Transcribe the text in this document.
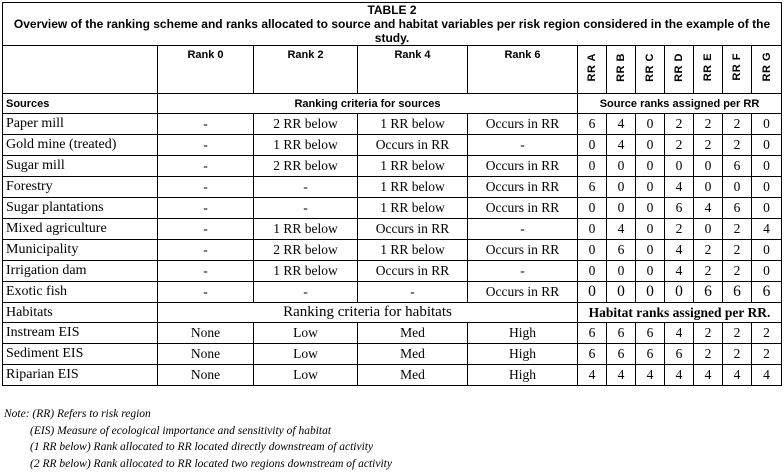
TABLE 2
Overview of the ranking scheme and ranks allocated to source and habitat variables per risk region considered in the example of the study.											

	Rank 0	Rank 2	Rank 4	Rank 6	RR A	RR B	RR C	RR D	RR E	RR F	RR G
Sources	Ranking criteria for sources				Source ranks assigned per RR						
Paper mill	-	2 RR below	1 RR below	Occurs in RR	6	4	0	2	2	2	0
Gold mine (treated)	-	1 RR below	Occurs in RR	-	0	4	0	2	2	2	0
Sugar mill	-	2 RR below	1 RR below	Occurs in RR	0	0	0	0	0	6	0
Forestry	-	-	1 RR below	Occurs in RR	6	0	0	4	0	0	0
Sugar plantations	-	-	1 RR below	Occurs in RR	0	0	0	6	4	6	0
Mixed agriculture	-	1 RR below	Occurs in RR	-	0	4	0	2	0	2	4
Municipality	-	2 RR below	1 RR below	Occurs in RR	0	6	0	4	2	2	0
Irrigation dam	-	1 RR below	Occurs in RR	-	0	0	0	4	2	2	0
Exotic fish	-	-	-	Occurs in RR	0	0	0	0	6	6	6
Habitats	Ranking criteria for habitats				Habitat ranks assigned per RR.						
Instream EIS	None	Low	Med	High	6	6	6	4	2	2	2
Sediment EIS	None	Low	Med	High	6	6	6	6	2	2	2
Riparian EIS	None	Low	Med	High	4	4	4	4	4	4	4
Note: (RR) Refers to risk region
(EIS) Measure of ecological importance and sensitivity of habitat
(1 RR below) Rank allocated to RR located directly downstream of activity
(2 RR below) Rank allocated to RR located two regions downstream of activity
